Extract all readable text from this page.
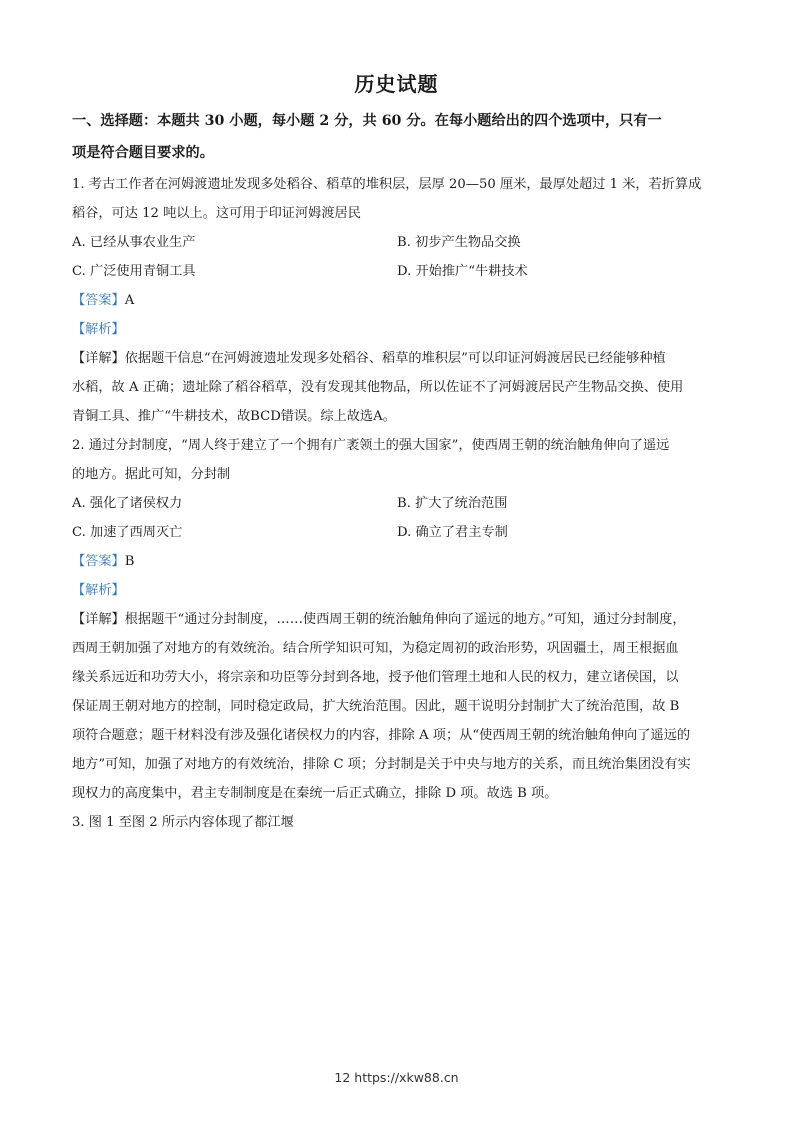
历史试题

一、选择题：本题共 30 小题，每小题 2 分，共 60 分。在每小题给出的四个选项中，只有一

项是符合题目要求的。

1. 考古工作者在河姆渡遗址发现多处稻谷、稻草的堆积层，层厚 20—50 厘米，最厚处超过 1 米，若折算成

稻谷，可达 12 吨以上。这可用于印证河姆渡居民

A. 已经从事农业生产	B. 初步产生物品交换
C. 广泛使用青铜工具	D. 开始推广“牛耕技术

【答案】A

【解析】

【详解】依据题干信息“在河姆渡遗址发现多处稻谷、稻草的堆积层”可以印证河姆渡居民已经能够种植

水稻，故 A 正确；遗址除了稻谷稻草，没有发现其他物品，所以佐证不了河姆渡居民产生物品交换、使用

青铜工具、推广“牛耕技术，故BCD错误。综上故选A。

2. 通过分封制度，“周人终于建立了一个拥有广袤领土的强大国家”，使西周王朝的统治触角伸向了遥远

的地方。据此可知，分封制

A. 强化了诸侯权力	B. 扩大了统治范围
C. 加速了西周灭亡	D. 确立了君主专制

【答案】B

【解析】

【详解】根据题干“通过分封制度，……使西周王朝的统治触角伸向了遥远的地方。”可知，通过分封制度，

西周王朝加强了对地方的有效统治。结合所学知识可知，为稳定周初的政治形势，巩固疆土，周王根据血

缘关系远近和功劳大小，将宗亲和功臣等分封到各地，授予他们管理土地和人民的权力，建立诸侯国，以

保证周王朝对地方的控制，同时稳定政局，扩大统治范围。因此，题干说明分封制扩大了统治范围，故 B

项符合题意；题干材料没有涉及强化诸侯权力的内容，排除 A 项；从“使西周王朝的统治触角伸向了遥远的

地方”可知，加强了对地方的有效统治，排除 C 项；分封制是关于中央与地方的关系，而且统治集团没有实

现权力的高度集中，君主专制制度是在秦统一后正式确立，排除 D 项。故选 B 项。

3. 图 1 至图 2 所示内容体现了都江堰

12 https://xkw88.cn
